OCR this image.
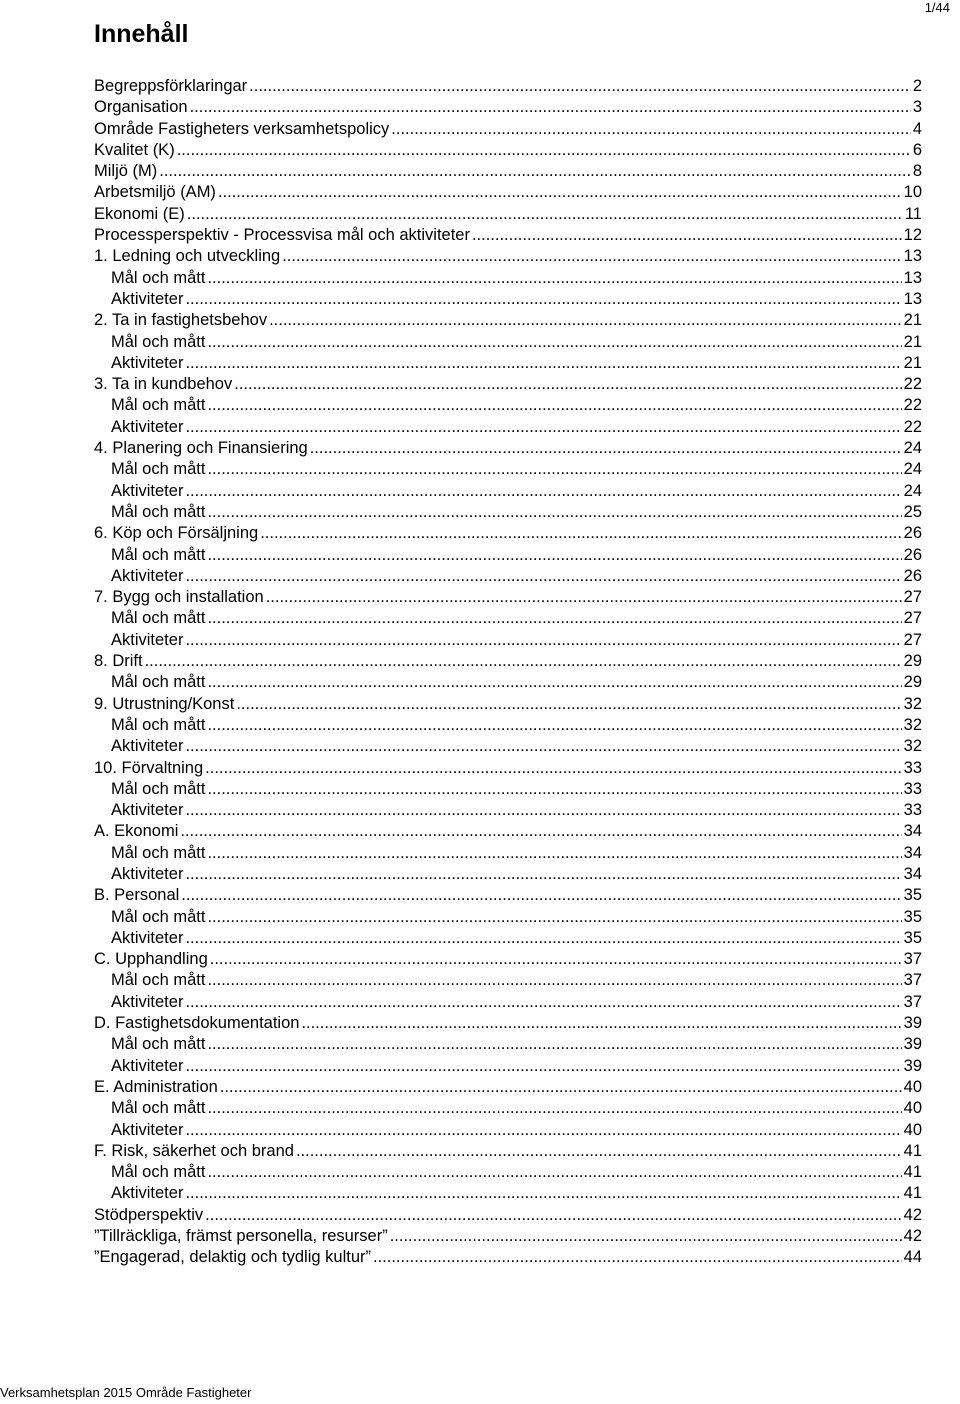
1/44
Innehåll
Begreppsförklaringar .....	2
Organisation .....	3
Område Fastigheters verksamhetspolicy .....	4
Kvalitet (K) .....	6
Miljö (M) .....	8
Arbetsmiljö (AM) .....	10
Ekonomi (E) .....	11
Processperspektiv - Processvisa mål och aktiviteter .....	12
1. Ledning och utveckling .....	13
Mål och mått .....	13
Aktiviteter .....	13
2. Ta in fastighetsbehov .....	21
Mål och mått .....	21
Aktiviteter .....	21
3. Ta in kundbehov .....	22
Mål och mått .....	22
Aktiviteter .....	22
4. Planering och Finansiering .....	24
Mål och mått .....	24
Aktiviteter .....	24
Mål och mått .....	25
6. Köp och Försäljning .....	26
Mål och mått .....	26
Aktiviteter .....	26
7. Bygg och installation .....	27
Mål och mått .....	27
Aktiviteter .....	27
8. Drift .....	29
Mål och mått .....	29
9. Utrustning/Konst .....	32
Mål och mått .....	32
Aktiviteter .....	32
10. Förvaltning .....	33
Mål och mått .....	33
Aktiviteter .....	33
A. Ekonomi .....	34
Mål och mått .....	34
Aktiviteter .....	34
B. Personal .....	35
Mål och mått .....	35
Aktiviteter .....	35
C. Upphandling .....	37
Mål och mått .....	37
Aktiviteter .....	37
D. Fastighetsdokumentation .....	39
Mål och mått .....	39
Aktiviteter .....	39
E. Administration .....	40
Mål och mått .....	40
Aktiviteter .....	40
F. Risk, säkerhet och brand .....	41
Mål och mått .....	41
Aktiviteter .....	41
Stödperspektiv .....	42
”Tillräckliga, främst personella, resurser” .....	42
”Engagerad, delaktig och tydlig kultur” .....	44
Verksamhetsplan 2015 Område Fastigheter
